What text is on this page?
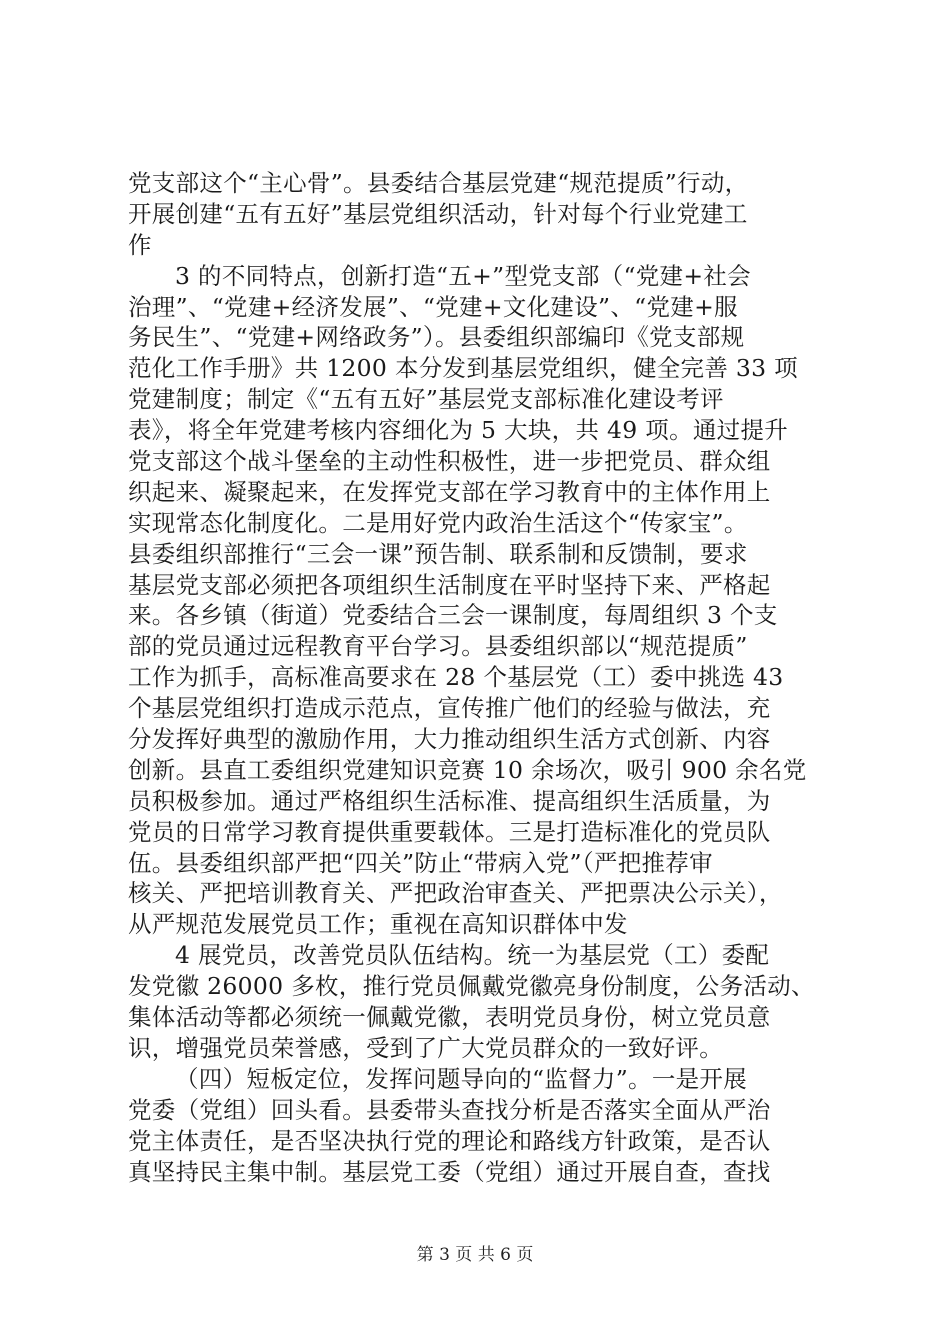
党支部这个“主心骨”。县委结合基层党建“规范提质”行动，
开展创建“五有五好”基层党组织活动，针对每个行业党建工
作
3 的不同特点，创新打造“五+”型党支部（“党建+社会
治理”、“党建+经济发展”、“党建+文化建设”、“党建+服
务民生”、“党建+网络政务”）。县委组织部编印《党支部规
范化工作手册》共 1200 本分发到基层党组织，健全完善 33 项
党建制度；制定《“五有五好”基层党支部标准化建设考评
表》，将全年党建考核内容细化为 5 大块，共 49 项。通过提升
党支部这个战斗堡垒的主动性积极性，进一步把党员、群众组
织起来、凝聚起来，在发挥党支部在学习教育中的主体作用上
实现常态化制度化。二是用好党内政治生活这个“传家宝”。
县委组织部推行“三会一课”预告制、联系制和反馈制，要求
基层党支部必须把各项组织生活制度在平时坚持下来、严格起
来。各乡镇（街道）党委结合三会一课制度，每周组织 3 个支
部的党员通过远程教育平台学习。县委组织部以“规范提质”
工作为抓手，高标准高要求在 28 个基层党（工）委中挑选 43
个基层党组织打造成示范点，宣传推广他们的经验与做法，充
分发挥好典型的激励作用，大力推动组织生活方式创新、内容
创新。县直工委组织党建知识竞赛 10 余场次，吸引 900 余名党
员积极参加。通过严格组织生活标准、提高组织生活质量，为
党员的日常学习教育提供重要载体。三是打造标准化的党员队
伍。县委组织部严把“四关”防止“带病入党”（严把推荐审
核关、严把培训教育关、严把政治审查关、严把票决公示关），
从严规范发展党员工作；重视在高知识群体中发
4 展党员，改善党员队伍结构。统一为基层党（工）委配
发党徽 26000 多枚，推行党员佩戴党徽亮身份制度，公务活动、
集体活动等都必须统一佩戴党徽，表明党员身份，树立党员意
识，增强党员荣誉感，受到了广大党员群众的一致好评。
（四）短板定位，发挥问题导向的“监督力”。一是开展
党委（党组）回头看。县委带头查找分析是否落实全面从严治
党主体责任，是否坚决执行党的理论和路线方针政策，是否认
真坚持民主集中制。基层党工委（党组）通过开展自查，查找
第 3 页 共 6 页
